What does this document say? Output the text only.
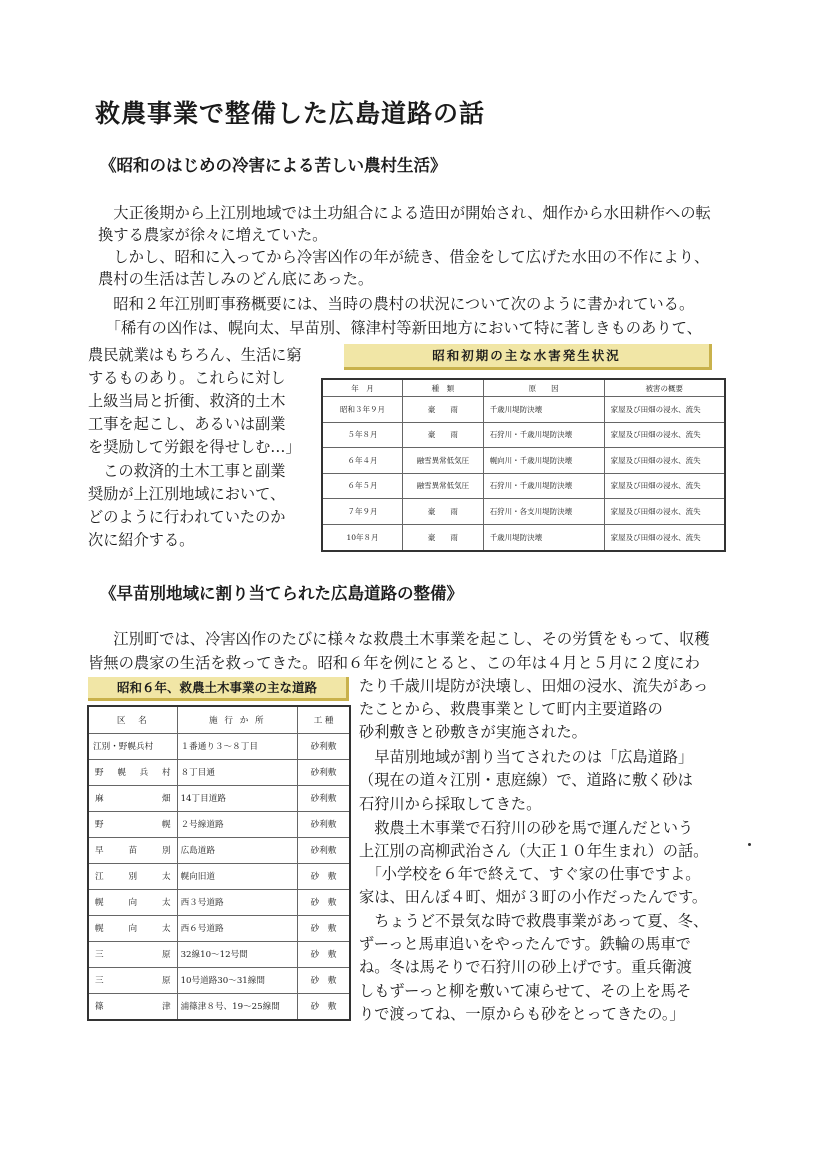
救農事業で整備した広島道路の話
《昭和のはじめの冷害による苦しい農村生活》
　大正後期から上江別地域では土功組合による造田が開始され、畑作から水田耕作への転
換する農家が徐々に増えていた。
　しかし、昭和に入ってから冷害凶作の年が続き、借金をして広げた水田の不作により、
農村の生活は苦しみのどん底にあった。
　昭和２年江別町事務概要には、当時の農村の状況について次のように書かれている。
　「稀有の凶作は、幌向太、早苗別、篠津村等新田地方において特に著しきものありて、
農民就業はもちろん、生活に窮
するものあり。これらに対し
上級当局と折衝、救済的土木
工事を起こし、あるいは副業
を奨励して労銀を得せしむ…」
　この救済的土木工事と副業
奨励が上江別地域において、
どのように行われていたのか
次に紹介する。
昭和初期の主な水害発生状況
年　月	種　類	原　　因	被害の概要
昭和３年９月	豪　　雨	千歳川堤防決壊	家屋及び田畑の浸水、流失
５年８月	豪　　雨	石狩川・千歳川堤防決壊	家屋及び田畑の浸水、流失
６年４月	融雪異常低気圧	幌向川・千歳川堤防決壊	家屋及び田畑の浸水、流失
６年５月	融雪異常低気圧	石狩川・千歳川堤防決壊	家屋及び田畑の浸水、流失
７年９月	豪　　雨	石狩川・各支川堤防決壊	家屋及び田畑の浸水、流失
10年８月	豪　　雨	千歳川堤防決壊	家屋及び田畑の浸水、流失
《早苗別地域に割り当てられた広島道路の整備》
　江別町では、冷害凶作のたびに様々な救農土木事業を起こし、その労賃をもって、収穫
皆無の農家の生活を救ってきた。昭和６年を例にとると、この年は４月と５月に２度にわ
昭和６年、救農土木事業の主な道路	たり千歳川堤防が決壊し、田畑の浸水、流失があっ
たことから、救農事業として町内主要道路の
砂利敷きと砂敷きが実施された。
　早苗別地域が割り当てされたのは「広島道路」
（現在の道々江別・恵庭線）で、道路に敷く砂は
石狩川から採取してきた。
　救農土木事業で石狩川の砂を馬で運んだという
上江別の高柳武治さん（大正１０年生まれ）の話。
　「小学校を６年で終えて、すぐ家の仕事ですよ。
家は、田んぼ４町、畑が３町の小作だったんです。
　ちょうど不景気な時で救農事業があって夏、冬、
ずーっと馬車追いをやったんです。鉄輪の馬車で
ね。冬は馬そりで石狩川の砂上げです。重兵衛渡
しもずーっと柳を敷いて凍らせて、その上を馬そ
りで渡ってね、一原からも砂をとってきたの。」
区　名	施 行 か 所	工 種
江別・野幌兵村	１番通り３～８丁目	砂利敷
野幌兵村	８丁目通	砂利敷
麻畑	14丁目道路	砂利敷
野幌	２号線道路	砂利敷
早苗別	広島道路	砂利敷
江別太	幌向旧道	砂　敷
幌向太	西３号道路	砂　敷
幌向太	西６号道路	砂　敷
三原	32線10～12号間	砂　敷
三原	10号道路30～31線間	砂　敷
篠津	浦篠津８号、19～25線間	砂　敷
